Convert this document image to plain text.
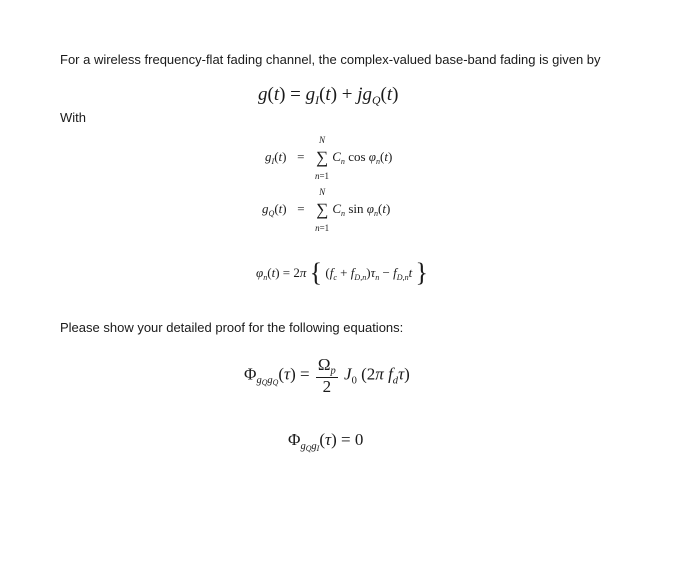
For a wireless frequency-flat fading channel, the complex-valued base-band fading is given by
$g(t) = g_I(t) + jg_Q(t)$
With
$g_I(t)$ =
N
∑
n=1
$C_n$ $\cos \varphi_n(t)$
$g_Q(t)$ =
N
∑
n=1
$C_n$ $\sin \varphi_n(t)$
$\varphi_n(t) = 2\pi$ { $(f_c + f_{D,n})\tau_n - f_{D,n}t$ }
Please show your detailed proof for the following equations:
$\Phi_{gQgQ}(\tau) = \frac{\Omega_p}{2} J_0$ (2π $f_d\tau$)
$\Phi_{gQgI}(\tau) = 0$
